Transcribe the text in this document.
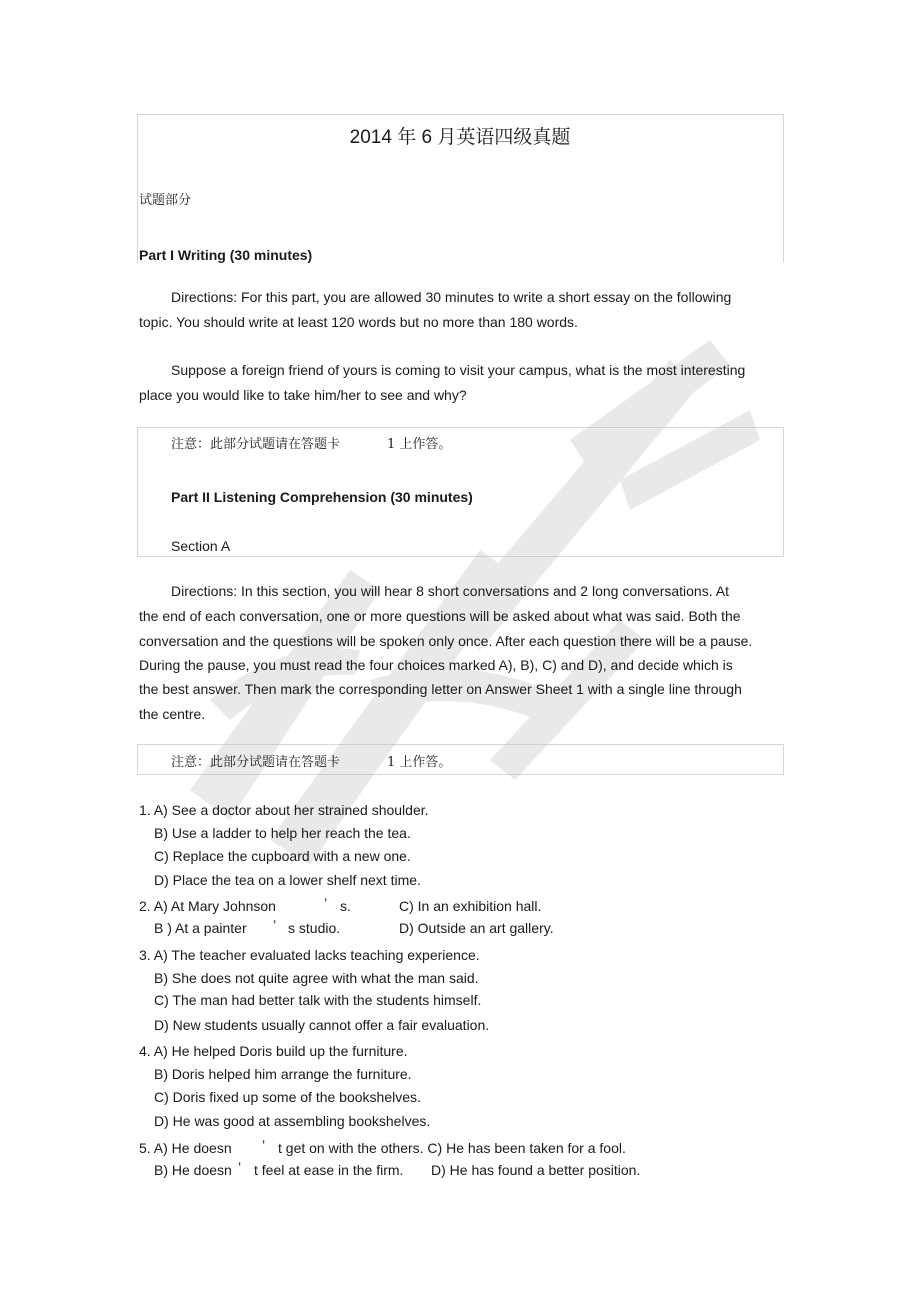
2014 年 6 月英语四级真题
试题部分
Part I Writing (30 minutes)
Directions: For this part, you are allowed 30 minutes to write a short essay on the following
topic. You should write at least 120 words but no more than 180 words.
Suppose a foreign friend of yours is coming to visit your campus, what is the most interesting
place you would like to take him/her to see and why?
注意：此部分试题请在答题卡	1 上作答。
Part II Listening Comprehension (30 minutes)
Section A
Directions: In this section, you will hear 8 short conversations and 2 long conversations. At
the end of each conversation, one or more questions will be asked about what was said. Both the
conversation and the questions will be spoken only once. After each question there will be a pause.
During the pause, you must read the four choices marked A), B), C) and D), and decide which is
the best answer. Then mark the corresponding letter on Answer Sheet 1 with a single line through
the centre.
注意：此部分试题请在答题卡	1 上作答。
1. A) See a doctor about her strained shoulder.
B) Use a ladder to help her reach the tea.
C) Replace the cupboard with a new one.
D) Place the tea on a lower shelf next time.
2. A) At Mary Johnson	’ s.	C) In an exhibition hall.
B ) At a painter ’ s studio.	D) Outside an art gallery.
3. A) The teacher evaluated lacks teaching experience.
B) She does not quite agree with what the man said.
C) The man had better talk with the students himself.
D) New students usually cannot offer a fair evaluation.
4. A) He helped Doris build up the furniture.
B) Doris helped him arrange the furniture.
C) Doris fixed up some of the bookshelves.
D) He was good at assembling bookshelves.
5. A) He doesn ’ t get on with the others. C) He has been taken for a fool.
B) He doesn ’ t feel at ease in the firm. D) He has found a better position.
